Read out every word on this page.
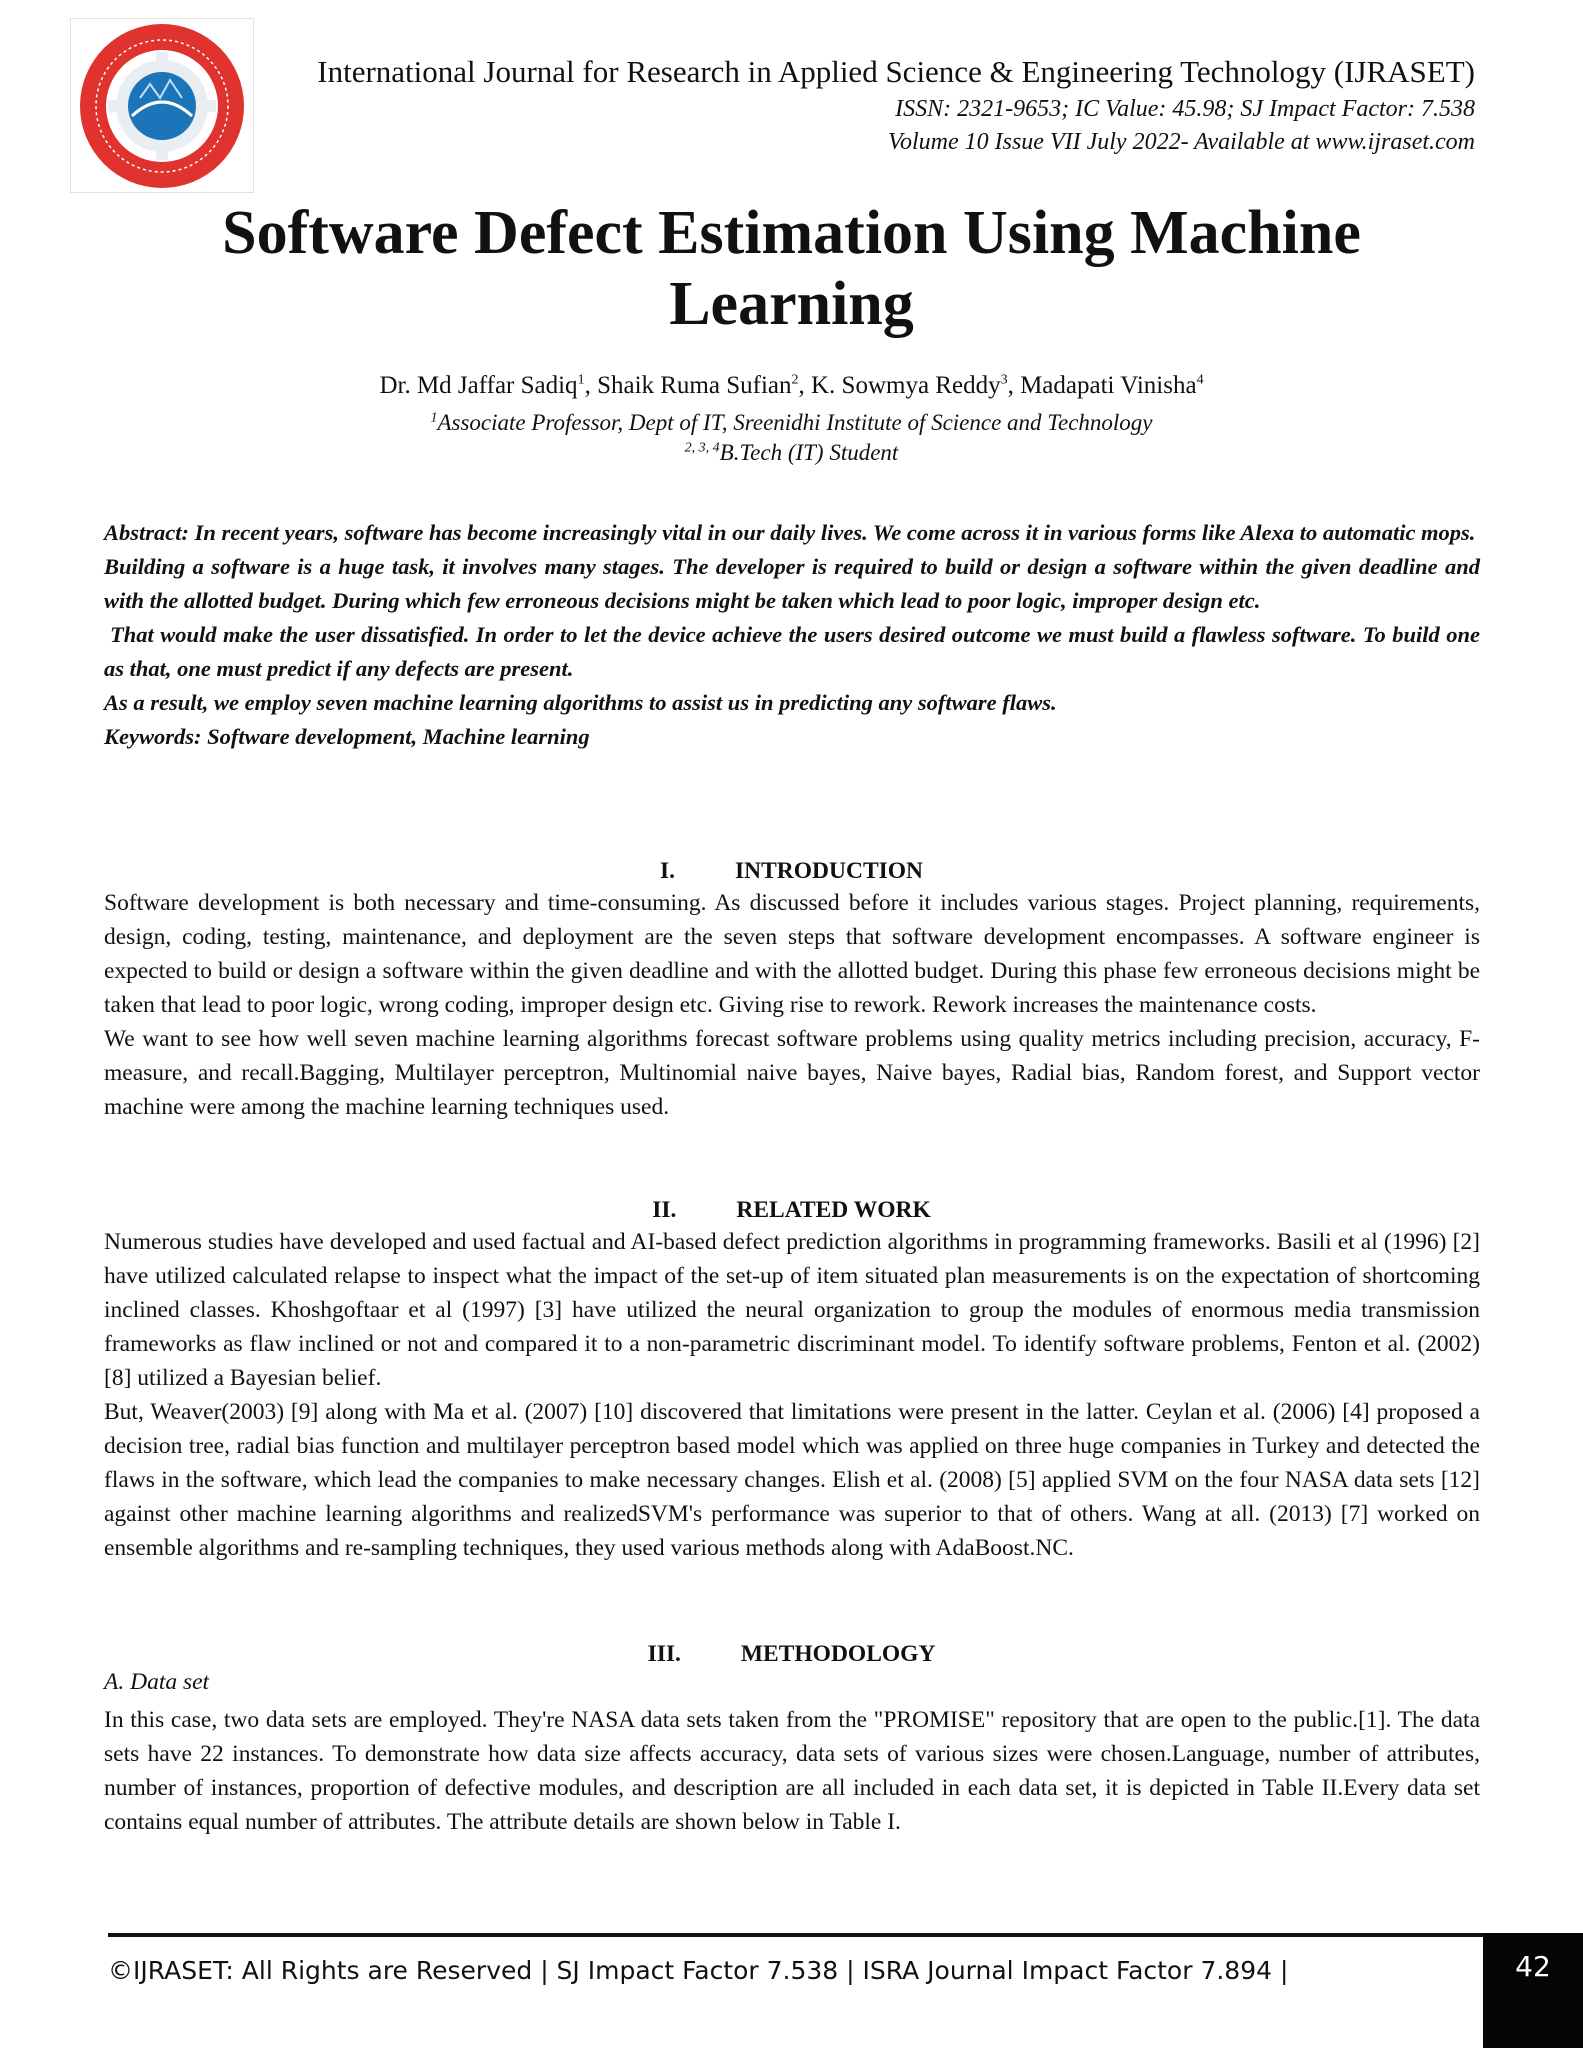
International Journal for Research in Applied Science & Engineering Technology (IJRASET)
ISSN: 2321-9653; IC Value: 45.98; SJ Impact Factor: 7.538
Volume 10 Issue VII July 2022- Available at www.ijraset.com
Software Defect Estimation Using Machine
Learning
Dr. Md Jaffar Sadiq$^1$, Shaik Ruma Sufian$^2$, K. Sowmya Reddy$^3$, Madapati Vinisha$^4$
$^1$Associate Professor, Dept of IT, Sreenidhi Institute of Science and Technology
$^{2, 3, 4}$B.Tech (IT) Student

Abstract: In recent years, software has become increasingly vital in our daily lives. We come across it in various forms like Alexa to automatic mops.

Building a software is a huge task, it involves many stages. The developer is required to build or design a software within the given deadline and with the allotted budget. During which few erroneous decisions might be taken which lead to poor logic, improper design etc.

That would make the user dissatisfied. In order to let the device achieve the users desired outcome we must build a flawless software. To build one as that, one must predict if any defects are present.

As a result, we employ seven machine learning algorithms to assist us in predicting any software flaws.

Keywords: Software development, Machine learning

I.	INTRODUCTION

Software development is both necessary and time-consuming. As discussed before it includes various stages. Project planning, requirements, design, coding, testing, maintenance, and deployment are the seven steps that software development encompasses. A software engineer is expected to build or design a software within the given deadline and with the allotted budget. During this phase few erroneous decisions might be taken that lead to poor logic, wrong coding, improper design etc. Giving rise to rework. Rework increases the maintenance costs.

We want to see how well seven machine learning algorithms forecast software problems using quality metrics including precision, accuracy, F-measure, and recall.Bagging, Multilayer perceptron, Multinomial naive bayes, Naive bayes, Radial bias, Random forest, and Support vector machine were among the machine learning techniques used.

II.	RELATED WORK

Numerous studies have developed and used factual and AI-based defect prediction algorithms in programming frameworks. Basili et al (1996) [2] have utilized calculated relapse to inspect what the impact of the set-up of item situated plan measurements is on the expectation of shortcoming inclined classes. Khoshgoftaar et al (1997) [3] have utilized the neural organization to group the modules of enormous media transmission frameworks as flaw inclined or not and compared it to a non-parametric discriminant model. To identify software problems, Fenton et al. (2002) [8] utilized a Bayesian belief.

But, Weaver(2003) [9] along with Ma et al. (2007) [10] discovered that limitations were present in the latter. Ceylan et al. (2006) [4] proposed a decision tree, radial bias function and multilayer perceptron based model which was applied on three huge companies in Turkey and detected the flaws in the software, which lead the companies to make necessary changes. Elish et al. (2008) [5] applied SVM on the four NASA data sets [12] against other machine learning algorithms and realizedSVM's performance was superior to that of others. Wang at all. (2013) [7] worked on ensemble algorithms and re-sampling techniques, they used various methods along with AdaBoost.NC.

III.	METHODOLOGY
A. Data set

In this case, two data sets are employed. They're NASA data sets taken from the "PROMISE" repository that are open to the public.[1]. The data sets have 22 instances. To demonstrate how data size affects accuracy, data sets of various sizes were chosen.Language, number of attributes, number of instances, proportion of defective modules, and description are all included in each data set, it is depicted in Table II.Every data set contains equal number of attributes. The attribute details are shown below in Table I.

©IJRASET: All Rights are Reserved | SJ Impact Factor 7.538 | ISRA Journal Impact Factor 7.894 |	42
